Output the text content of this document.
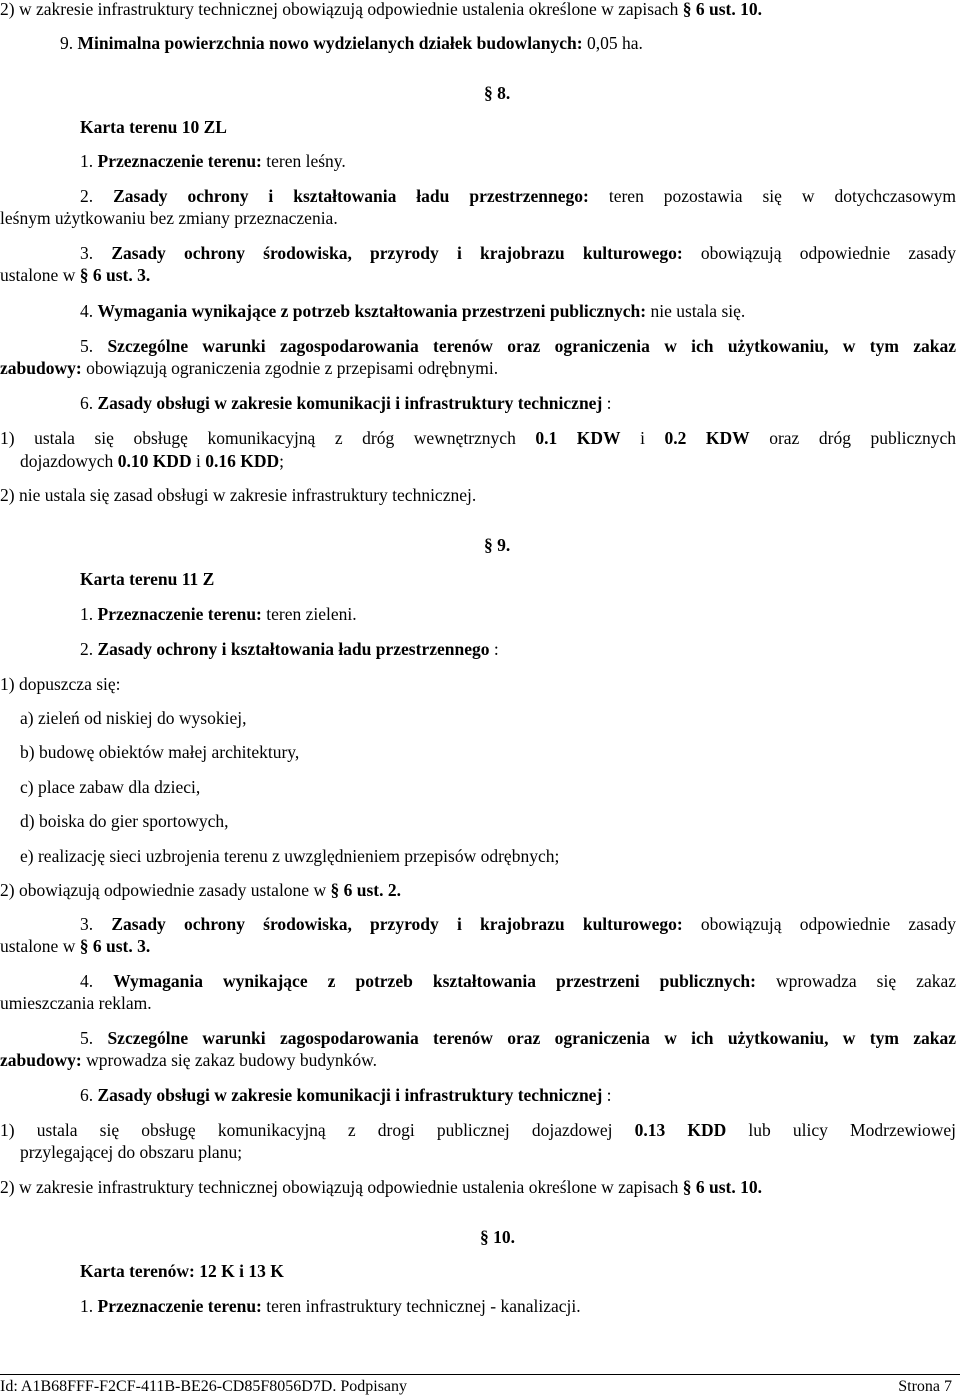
2) w zakresie infrastruktury technicznej obowiązują odpowiednie ustalenia określone w zapisach § 6 ust. 10.
9. Minimalna powierzchnia nowo wydzielanych działek budowlanych: 0,05 ha.
§ 8.
Karta terenu 10 ZL
1. Przeznaczenie terenu: teren leśny.
2. Zasady ochrony i kształtowania ładu przestrzennego: teren pozostawia się w dotychczasowym
leśnym użytkowaniu bez zmiany przeznaczenia.
3. Zasady ochrony środowiska, przyrody i krajobrazu kulturowego: obowiązują odpowiednie zasady
ustalone w § 6 ust. 3.
4. Wymagania wynikające z potrzeb kształtowania przestrzeni publicznych: nie ustala się.
5. Szczególne warunki zagospodarowania terenów oraz ograniczenia w ich użytkowaniu, w tym zakaz
zabudowy: obowiązują ograniczenia zgodnie z przepisami odrębnymi.
6. Zasady obsługi w zakresie komunikacji i infrastruktury technicznej :
1) ustala się obsługę komunikacyjną z dróg wewnętrznych 0.1 KDW i 0.2 KDW oraz dróg publicznych
dojazdowych 0.10 KDD i 0.16 KDD;
2) nie ustala się zasad obsługi w zakresie infrastruktury technicznej.
§ 9.
Karta terenu 11 Z
1. Przeznaczenie terenu: teren zieleni.
2. Zasady ochrony i kształtowania ładu przestrzennego :
1) dopuszcza się:
a) zieleń od niskiej do wysokiej,
b) budowę obiektów małej architektury,
c) place zabaw dla dzieci,
d) boiska do gier sportowych,
e) realizację sieci uzbrojenia terenu z uwzględnieniem przepisów odrębnych;
2) obowiązują odpowiednie zasady ustalone w § 6 ust. 2.
3. Zasady ochrony środowiska, przyrody i krajobrazu kulturowego: obowiązują odpowiednie zasady
ustalone w § 6 ust. 3.
4. Wymagania wynikające z potrzeb kształtowania przestrzeni publicznych: wprowadza się zakaz
umieszczania reklam.
5. Szczególne warunki zagospodarowania terenów oraz ograniczenia w ich użytkowaniu, w tym zakaz
zabudowy: wprowadza się zakaz budowy budynków.
6. Zasady obsługi w zakresie komunikacji i infrastruktury technicznej :
1) ustala się obsługę komunikacyjną z drogi publicznej dojazdowej 0.13 KDD lub ulicy Modrzewiowej
przylegającej do obszaru planu;
2) w zakresie infrastruktury technicznej obowiązują odpowiednie ustalenia określone w zapisach § 6 ust. 10.
§ 10.
Karta terenów: 12 K i 13 K
1. Przeznaczenie terenu: teren infrastruktury technicznej - kanalizacji.
Id: A1B68FFF-F2CF-411B-BE26-CD85F8056D7D. Podpisany	Strona 7
